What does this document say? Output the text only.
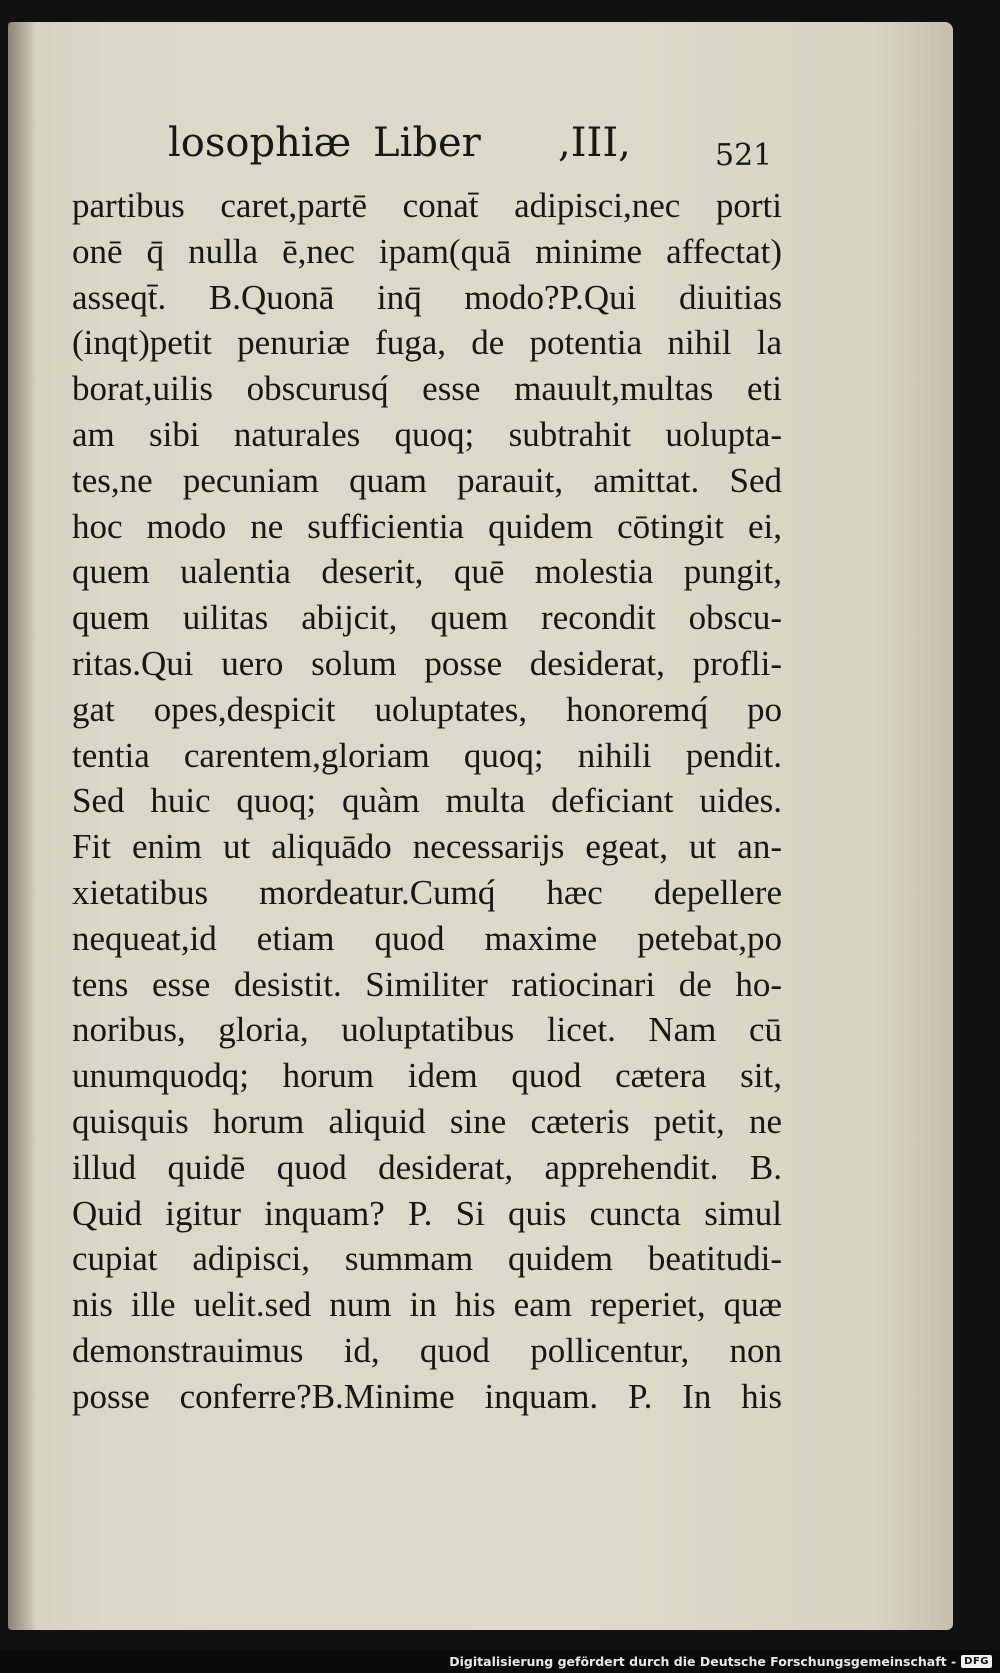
losophiæ Liber ,III,	521
partibus caret,partē conat̄ adipisci,nec porti
onē q̄ nulla ē,nec ipam(quā minime affectat)
asseqt̄. B.Quonā inq̄ modo?P.Qui diuitias
(inqt)petit penuriæ fuga, de potentia nihil la
borat,uilis obscurusq́ esse mauult,multas eti
am sibi naturales quoq; subtrahit uolupta-
tes,ne pecuniam quam parauit, amittat. Sed
hoc modo ne sufficientia quidem cōtingit ei,
quem ualentia deserit, quē molestia pungit,
quem uilitas abijcit, quem recondit obscu-
ritas.Qui uero solum posse desiderat, profli-
gat opes,despicit uoluptates, honoremq́ po
tentia carentem,gloriam quoq; nihili pendit.
Sed huic quoq; quàm multa deficiant uides.
Fit enim ut aliquādo necessarijs egeat, ut an-
xietatibus mordeatur.Cumq́ hæc depellere
nequeat,id etiam quod maxime petebat,po
tens esse desistit. Similiter ratiocinari de ho-
noribus, gloria, uoluptatibus licet. Nam cū
unumquodq; horum idem quod cætera sit,
quisquis horum aliquid sine cæteris petit, ne
illud quidē quod desiderat, apprehendit. B.
Quid igitur inquam? P. Si quis cuncta simul
cupiat adipisci, summam quidem beatitudi-
nis ille uelit.sed num in his eam reperiet, quæ
demonstrauimus id, quod pollicentur, non
posse conferre?B.Minime inquam. P. In his
Digitalisierung gefördert durch die Deutsche Forschungsgemeinschaft - DFG
